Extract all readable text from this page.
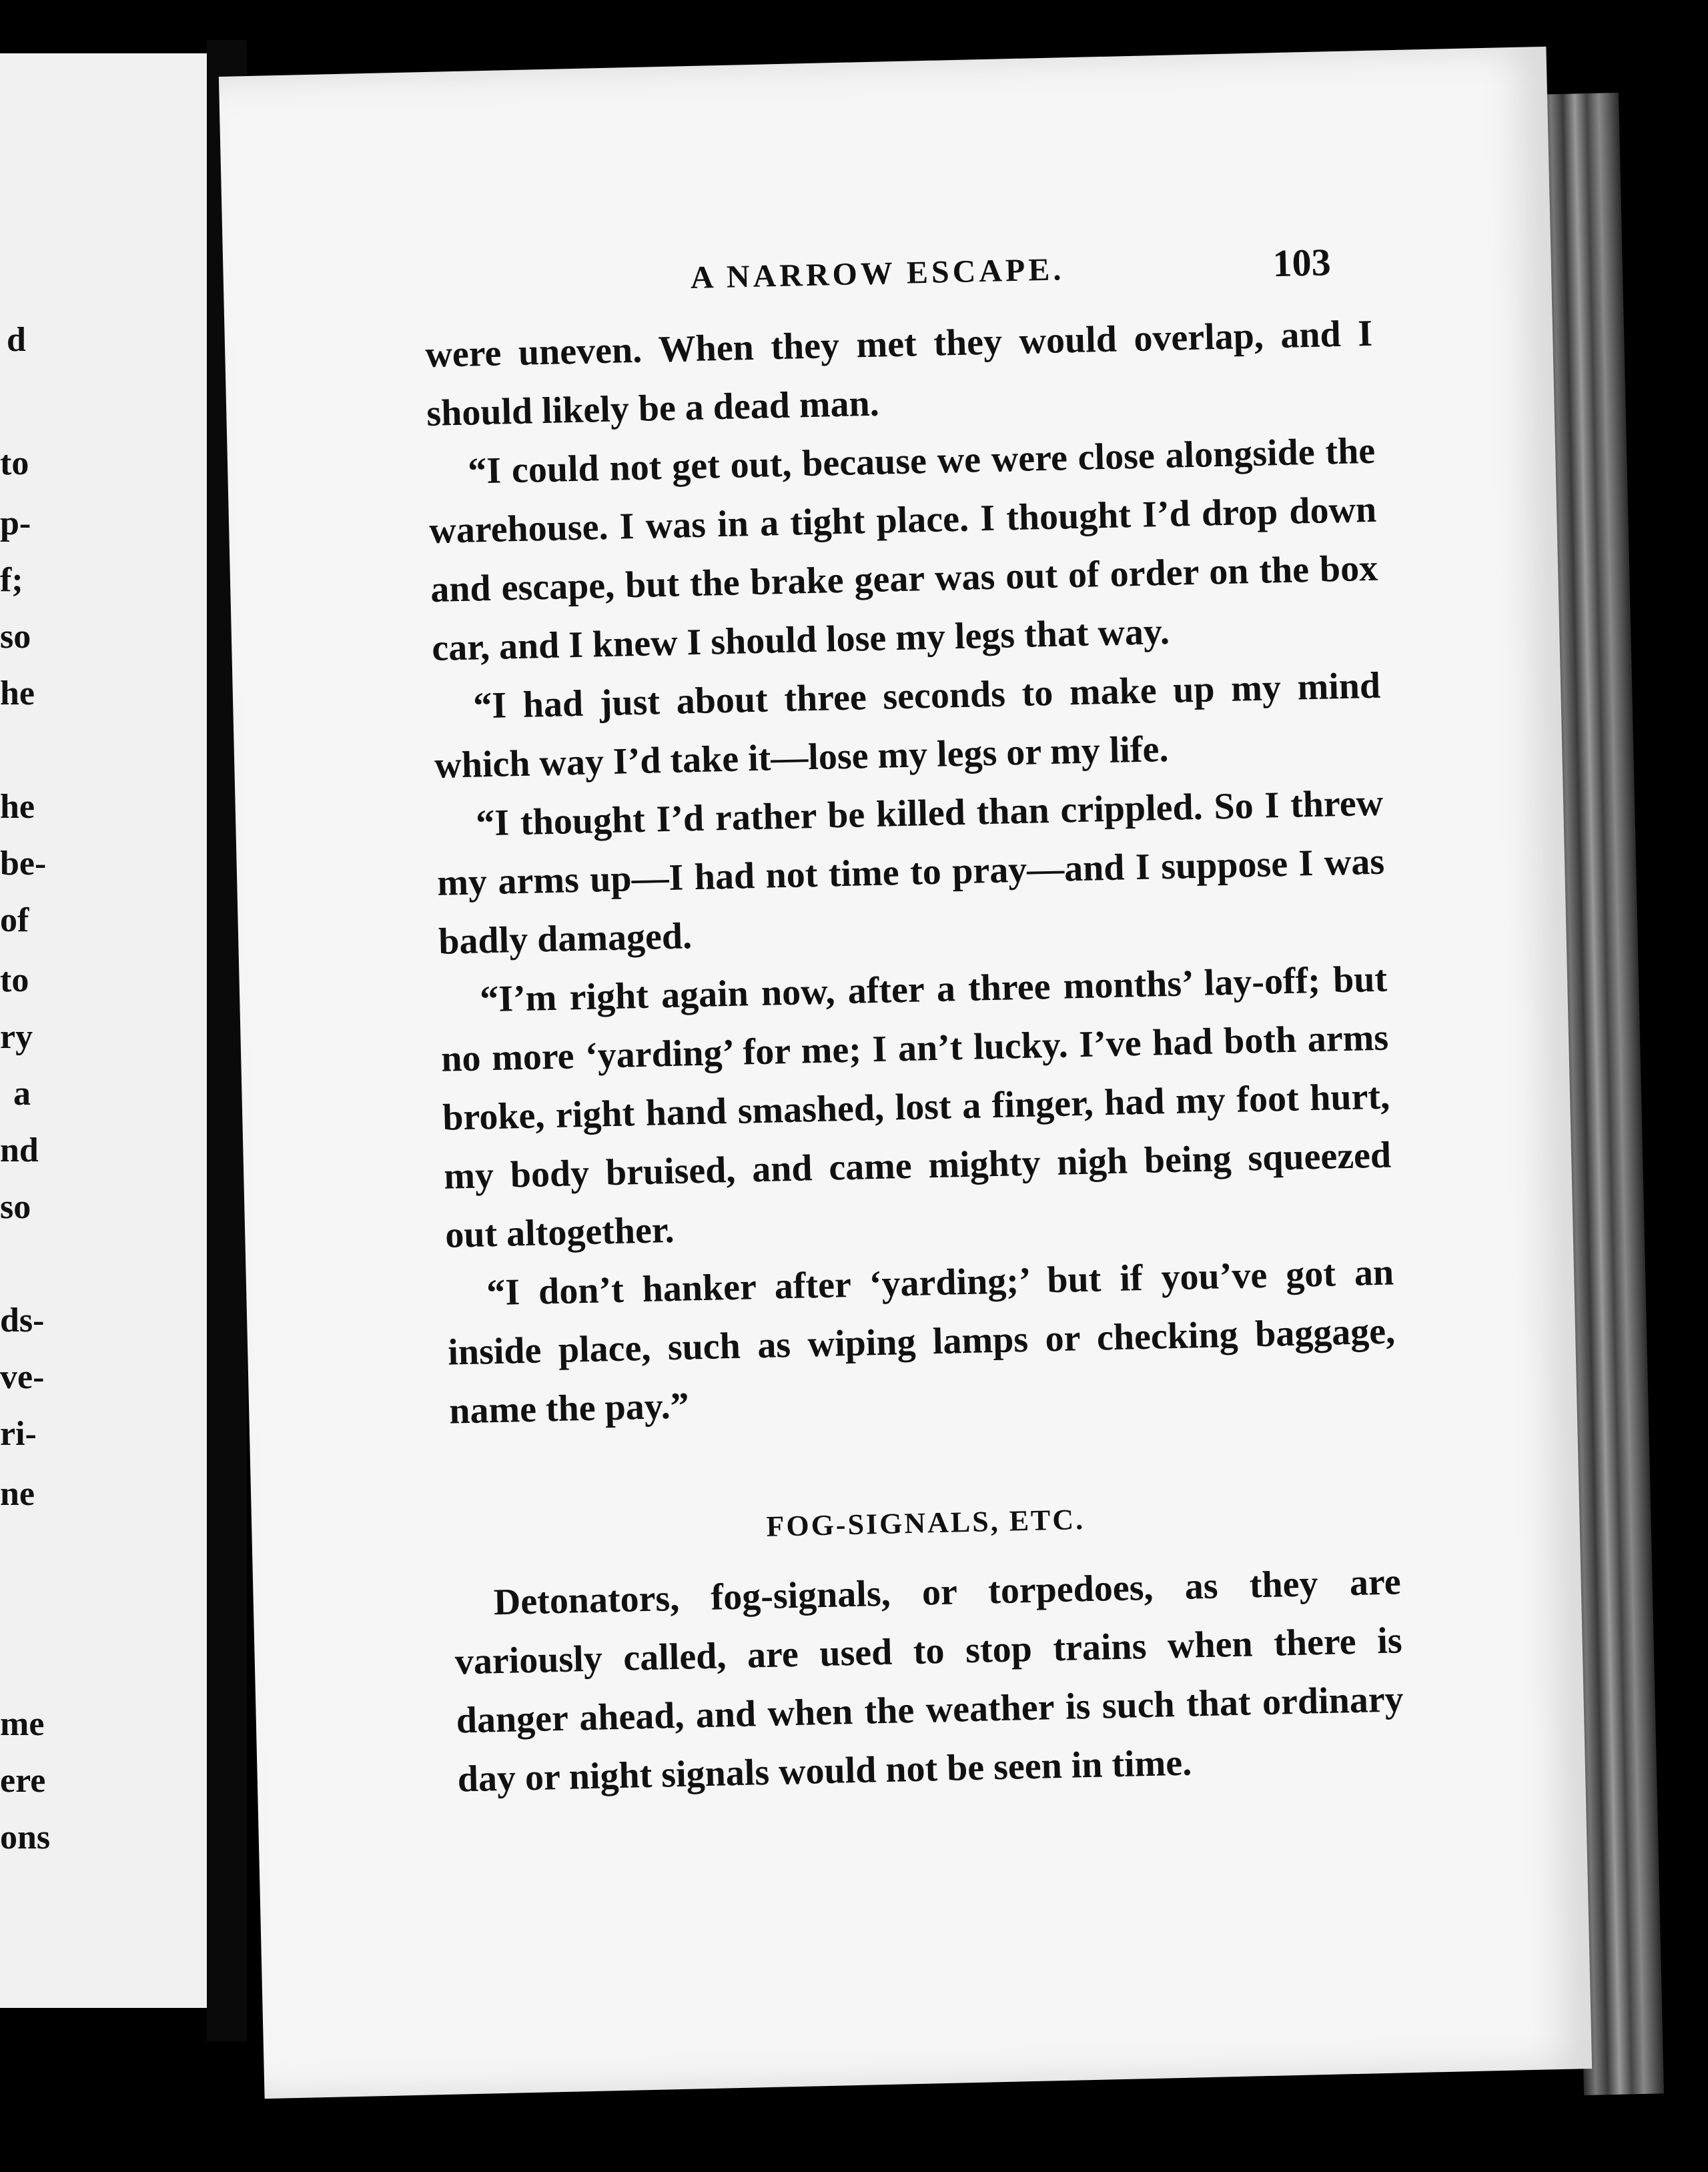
d
to
p-
f;
so
he
he
be-
of
to
ry
a
nd
so
ds-
ve-
ri-
ne
me
ere
ons
A NARROW ESCAPE.	103

were uneven. When they met they would overlap, and I should likely be a dead man.

“I could not get out, because we were close alongside the warehouse. I was in a tight place. I thought I’d drop down and escape, but the brake gear was out of order on the box car, and I knew I should lose my legs that way.

“I had just about three seconds to make up my mind which way I’d take it—lose my legs or my life.

“I thought I’d rather be killed than crippled. So I threw my arms up—I had not time to pray—and I suppose I was badly damaged.

“I’m right again now, after a three months’ lay-off; but no more ‘yarding’ for me; I an’t lucky. I’ve had both arms broke, right hand smashed, lost a finger, had my foot hurt, my body bruised, and came mighty nigh being squeezed out altogether.

“I don’t hanker after ‘yarding;’ but if you’ve got an inside place, such as wiping lamps or checking baggage, name the pay.”

FOG-SIGNALS, ETC.

Detonators, fog-signals, or torpedoes, as they are variously called, are used to stop trains when there is danger ahead, and when the weather is such that ordinary day or night signals would not be seen in time.
